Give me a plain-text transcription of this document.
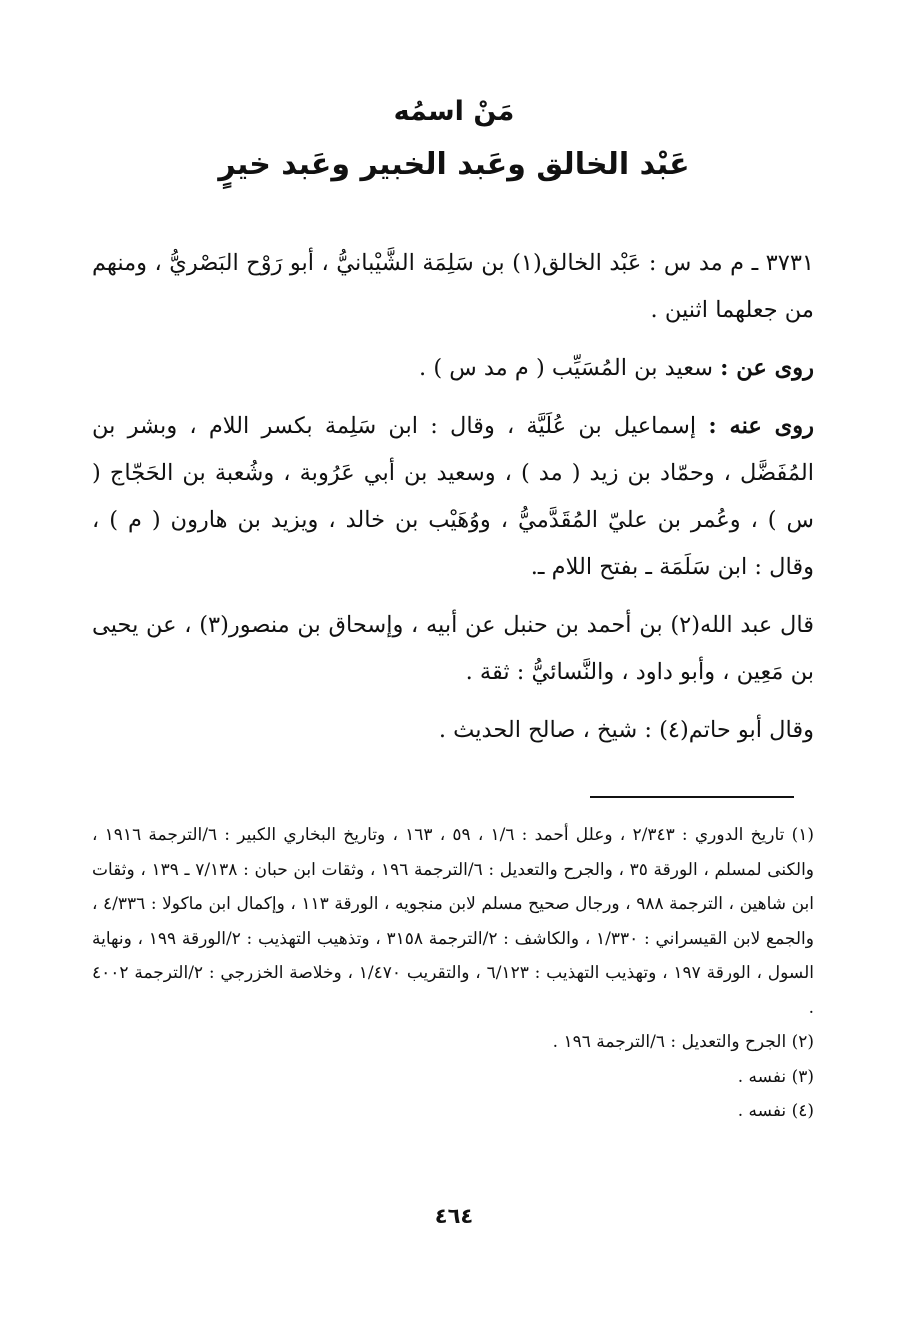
مَنْ اسمُه
عَبْد الخالق وعَبد الخبير وعَبد خيرٍ

٣٧٣١ ـ م مد س : عَبْد الخالق(١) بن سَلِمَة الشَّيْبانيُّ ، أبو رَوْح البَصْريُّ ، ومنهم من جعلهما اثنين .

روى عن : سعيد بن المُسَيِّب ( م مد س ) .

روى عنه : إسماعيل بن عُلَيَّة ، وقال : ابن سَلِمة بكسر اللام ، وبشر بن المُفَضَّل ، وحمّاد بن زيد ( مد ) ، وسعيد بن أبي عَرُوبة ، وشُعبة بن الحَجّاج ( س ) ، وعُمر بن عليّ المُقَدَّميُّ ، ووُهَيْب بن خالد ، ويزيد بن هارون ( م ) ، وقال : ابن سَلَمَة ـ بفتح اللام ـ.

قال عبد الله(٢) بن أحمد بن حنبل عن أبيه ، وإسحاق بن منصور(٣) ، عن يحيى بن مَعِين ، وأبو داود ، والنَّسائيُّ : ثقة .

وقال أبو حاتم(٤) : شيخ ، صالح الحديث .

(١) تاريخ الدوري : ٢/٣٤٣ ، وعلل أحمد : ١/٦ ، ٥٩ ، ١٦٣ ، وتاريخ البخاري الكبير : ٦/الترجمة ١٩١٦ ، والكنى لمسلم ، الورقة ٣٥ ، والجرح والتعديل : ٦/الترجمة ١٩٦ ، وثقات ابن حبان : ٧/١٣٨ ـ ١٣٩ ، وثقات ابن شاهين ، الترجمة ٩٨٨ ، ورجال صحيح مسلم لابن منجويه ، الورقة ١١٣ ، وإكمال ابن ماكولا : ٤/٣٣٦ ، والجمع لابن القيسراني : ١/٣٣٠ ، والكاشف : ٢/الترجمة ٣١٥٨ ، وتذهيب التهذيب : ٢/الورقة ١٩٩ ، ونهاية السول ، الورقة ١٩٧ ، وتهذيب التهذيب : ٦/١٢٣ ، والتقريب ١/٤٧٠ ، وخلاصة الخزرجي : ٢/الترجمة ٤٠٠٢ .

(٢) الجرح والتعديل : ٦/الترجمة ١٩٦ .

(٣) نفسه .

(٤) نفسه .

٤٦٤
